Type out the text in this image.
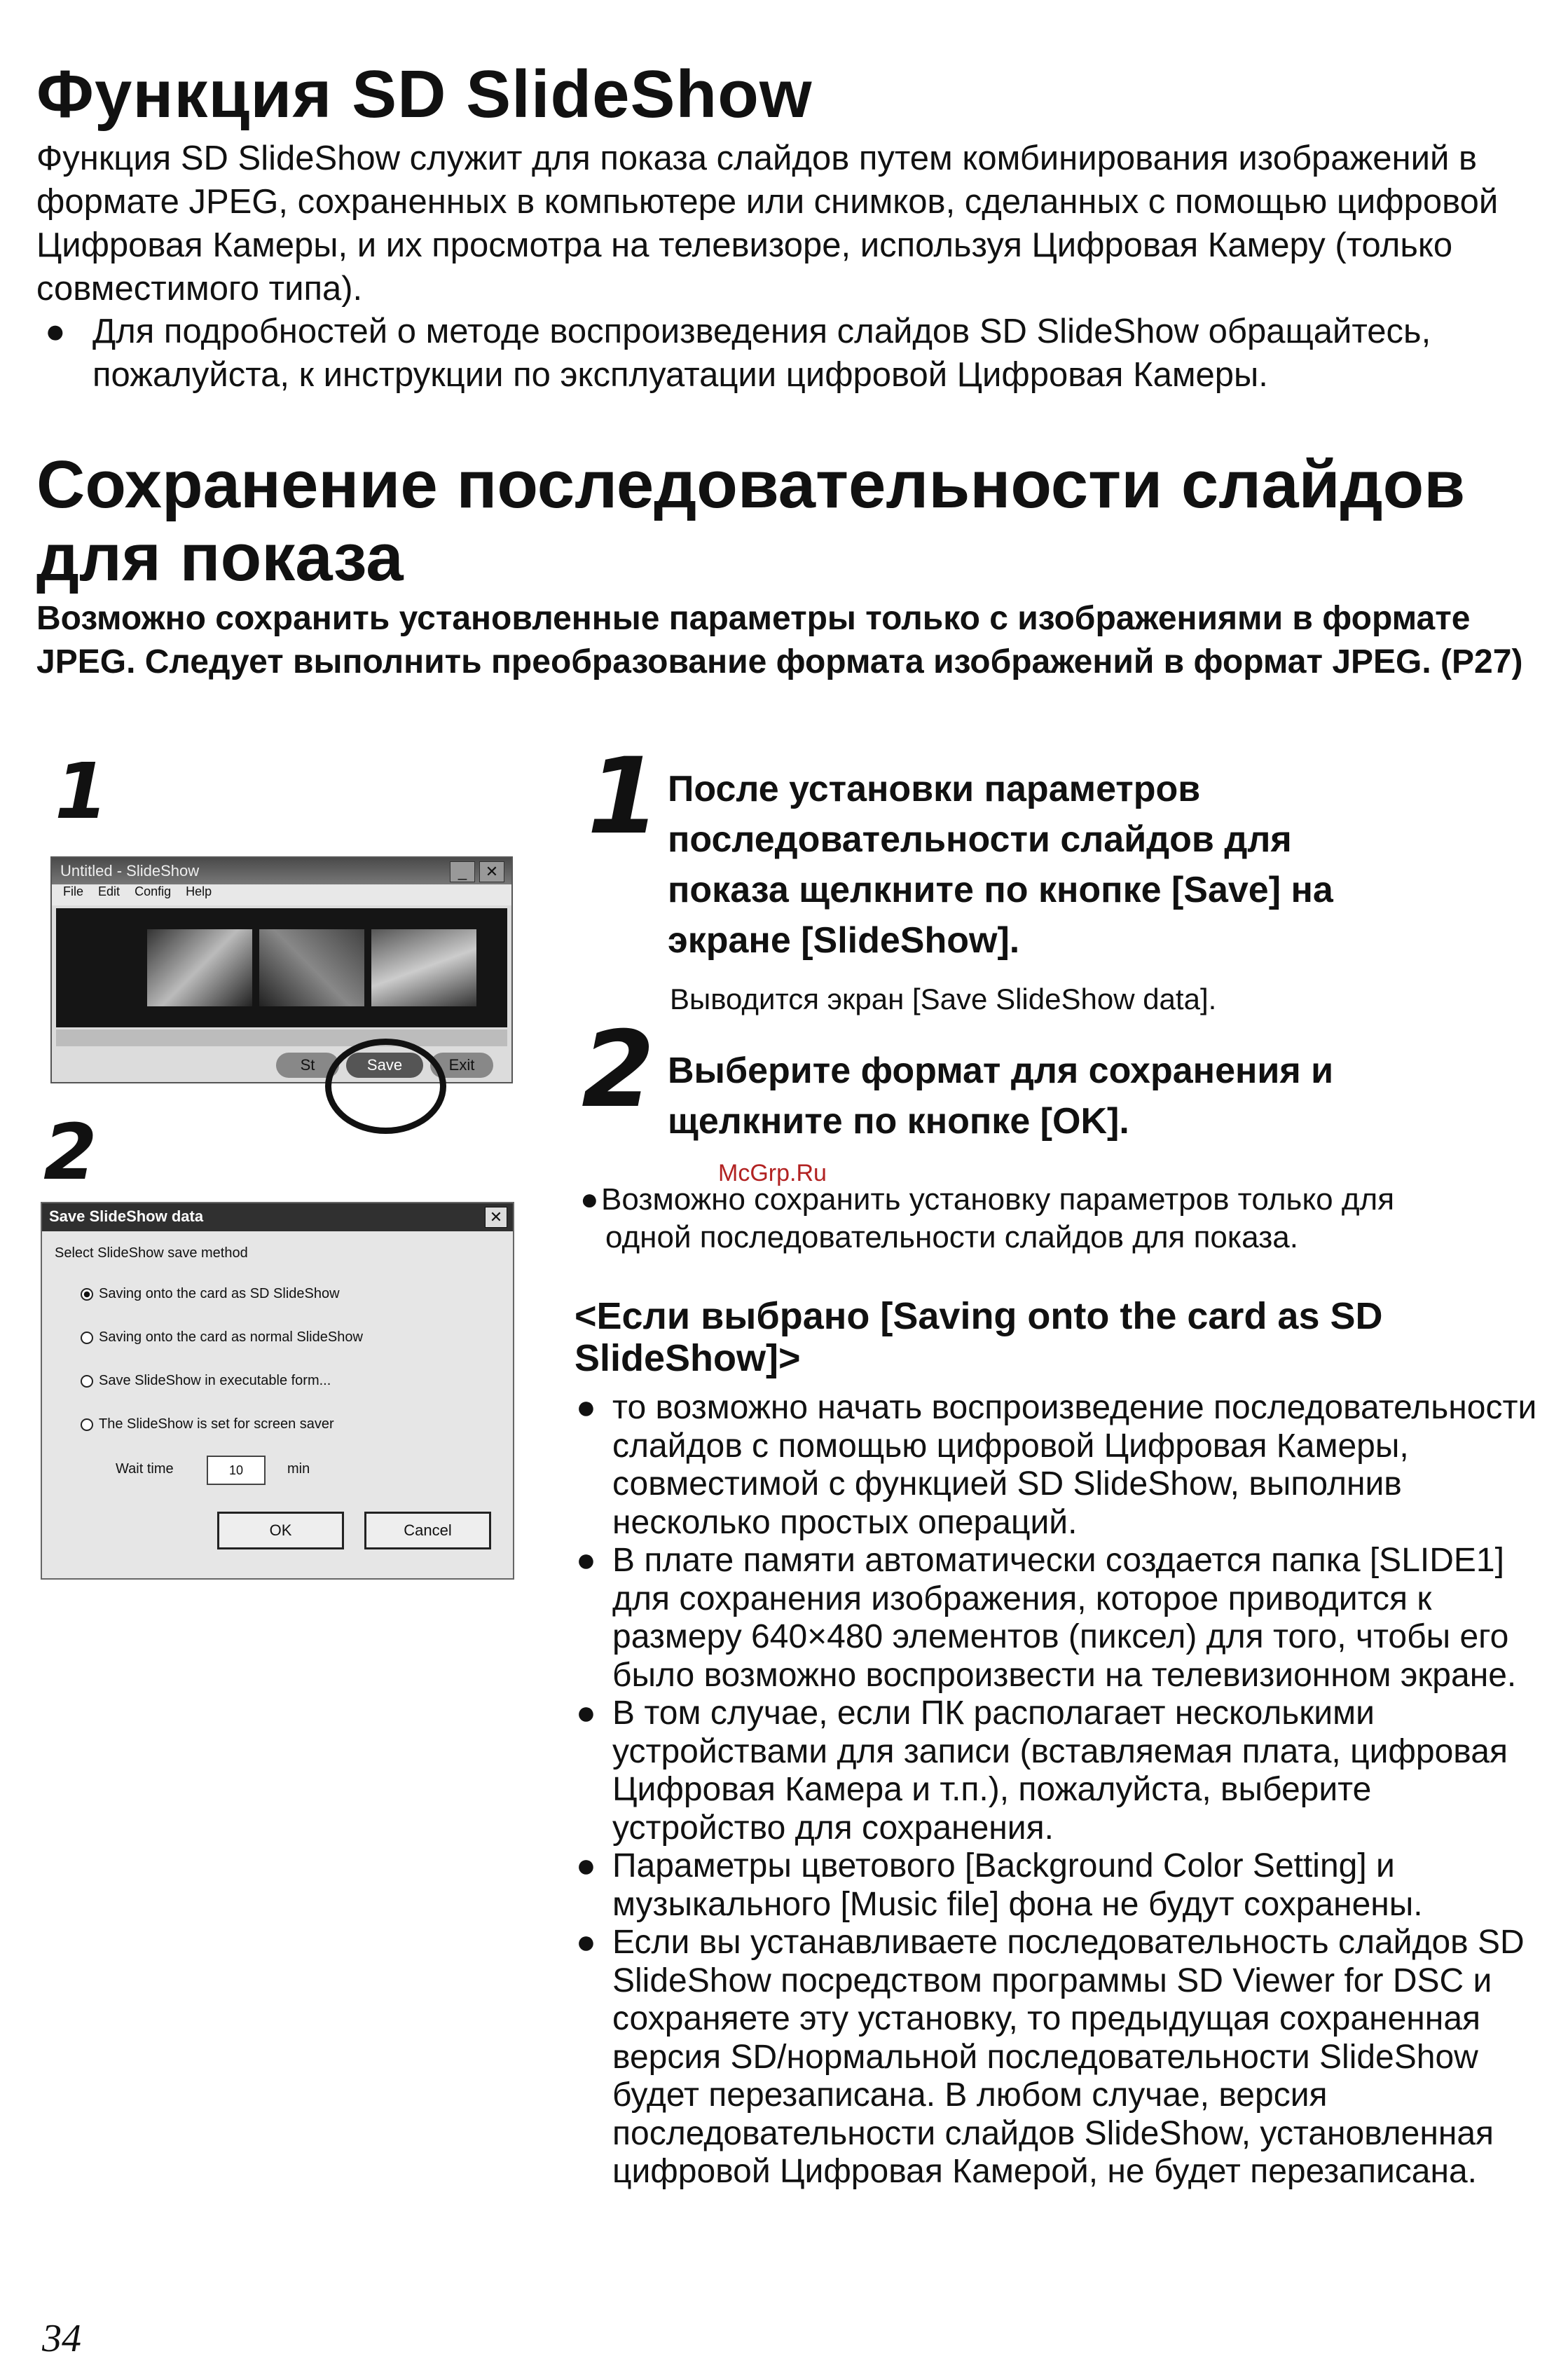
Функция SD SlideShow

Функция SD SlideShow служит для показа слайдов путем комбинирования изображений в формате JPEG, сохраненных в компьютере или снимков, сделанных с помощью цифровой Цифровая Камеры, и их просмотра на телевизоре, используя Цифровая Камеру (только совместимого типа).

● Для подробностей о методе воспроизведения слайдов SD SlideShow обращайтесь, пожалуйста, к инструкции по эксплуатации цифровой Цифровая Камеры.
Сохранение последовательности слайдов
для показа
Возможно сохранить установленные параметры только с изображениями в формате JPEG. Следует выполнить преобразование формата изображений в формат JPEG. (P27)
1
Untitled - SlideShow	_	✕
File Edit Config Help
St	Save	Exit
2
Save SlideShow data	✕
Select SlideShow save method
Saving onto the card as SD SlideShow
Saving onto the card as normal SlideShow
Save SlideShow in executable form...
The SlideShow is set for screen saver
Wait time	10	min
OK	Cancel
1 После установки параметров
последовательности слайдов для
показа щелкните по кнопке [Save] на
экране [SlideShow].
Выводится экран [Save SlideShow data].
2 Выберите формат для сохранения и
щелкните по кнопке [OK].
McGrp.Ru
● Возможно сохранить установку параметров только для
одной последовательности слайдов для показа.
<Если выбрано [Saving onto the card as SD
SlideShow]>
● то возможно начать воспроизведение последовательности слайдов с помощью цифровой Цифровая Камеры, совместимой с функцией SD SlideShow, выполнив несколько простых операций.
● В плате памяти автоматически создается папка [SLIDE1] для сохранения изображения, которое приводится к размеру 640×480 элементов (пиксел) для того, чтобы его было возможно воспроизвести на телевизионном экране.
● В том случае, если ПК располагает несколькими устройствами для записи (вставляемая плата, цифровая Цифровая Камера и т.п.), пожалуйста, выберите устройство для сохранения.
● Параметры цветового [Background Color Setting] и музыкального [Music file] фона не будут сохранены.
● Если вы устанавливаете последовательность слайдов SD SlideShow посредством программы SD Viewer for DSC и сохраняете эту установку, то предыдущая сохраненная версия SD/нормальной последовательности SlideShow будет перезаписана. В любом случае, версия последовательности слайдов SlideShow, установленная цифровой Цифровая Камерой, не будет перезаписана.
34
